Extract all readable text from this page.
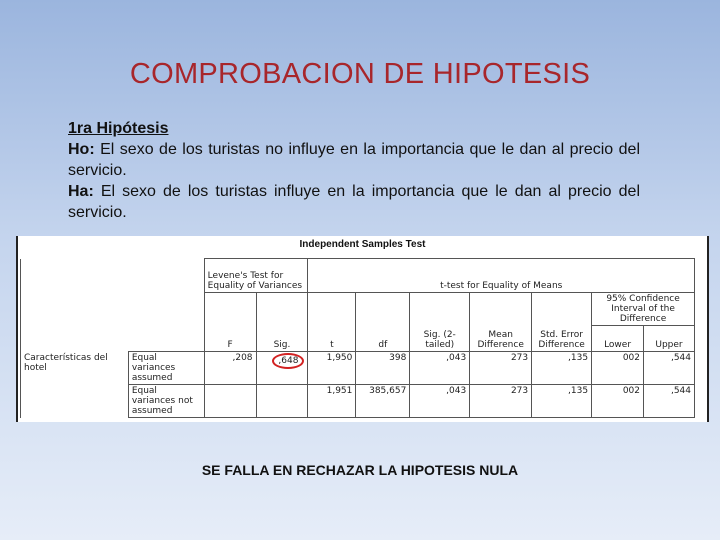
COMPROBACION DE HIPOTESIS
1ra Hipótesis

Ho: El sexo de los turistas no influye en la importancia que le dan al precio del servicio.

Ha: El sexo de los turistas influye en la importancia que le dan al precio del servicio.

Independent Samples Test
		Levene's Test for Equality of Variances		t-test for Equality of Means						
		F	Sig.	t	df	Sig. (2-tailed)	Mean Difference	Std. Error Difference	95% Confidence Interval of the Difference	
									Lower	Upper
Características del hotel	Equal variances assumed	,208	,648	1,950	398	,043	273	,135	002	,544
	Equal variances not assumed			1,951	385,657	,043	273	,135	002	,544
SE FALLA EN RECHAZAR LA HIPOTESIS NULA
